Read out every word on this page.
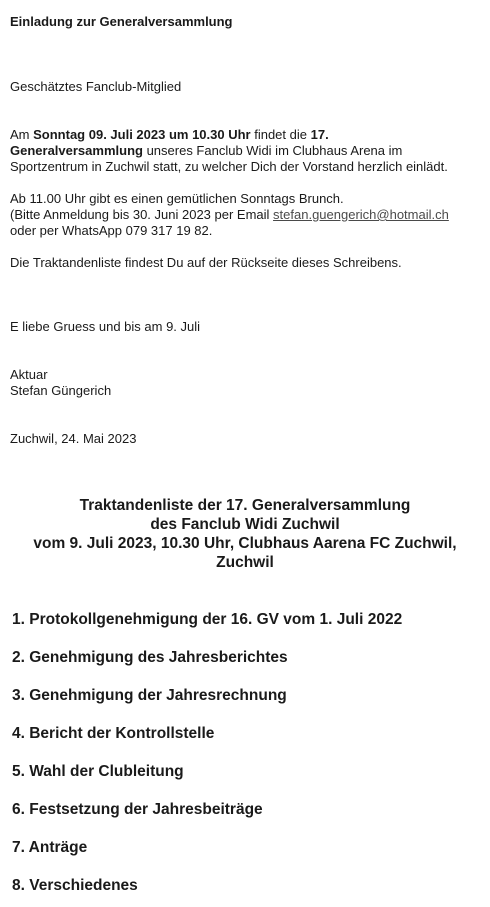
Einladung zur Generalversammlung
Geschätztes Fanclub-Mitglied
Am Sonntag 09. Juli 2023 um 10.30 Uhr findet die 17.
Generalversammlung unseres Fanclub Widi im Clubhaus Arena im
Sportzentrum in Zuchwil statt, zu welcher Dich der Vorstand herzlich einlädt.
Ab 11.00 Uhr gibt es einen gemütlichen Sonntags Brunch.
(Bitte Anmeldung bis 30. Juni 2023 per Email stefan.guengerich@hotmail.ch
oder per WhatsApp 079 317 19 82.
Die Traktandenliste findest Du auf der Rückseite dieses Schreibens.
E liebe Gruess und bis am 9. Juli
Aktuar
Stefan Güngerich
Zuchwil, 24. Mai 2023
Traktandenliste der 17. Generalversammlung
des Fanclub Widi Zuchwil
vom 9. Juli 2023, 10.30 Uhr, Clubhaus Aarena FC Zuchwil,
Zuchwil
1. Protokollgenehmigung der 16. GV vom 1. Juli 2022
2. Genehmigung des Jahresberichtes
3. Genehmigung der Jahresrechnung
4. Bericht der Kontrollstelle
5. Wahl der Clubleitung
6. Festsetzung der Jahresbeiträge
7. Anträge
8. Verschiedenes
